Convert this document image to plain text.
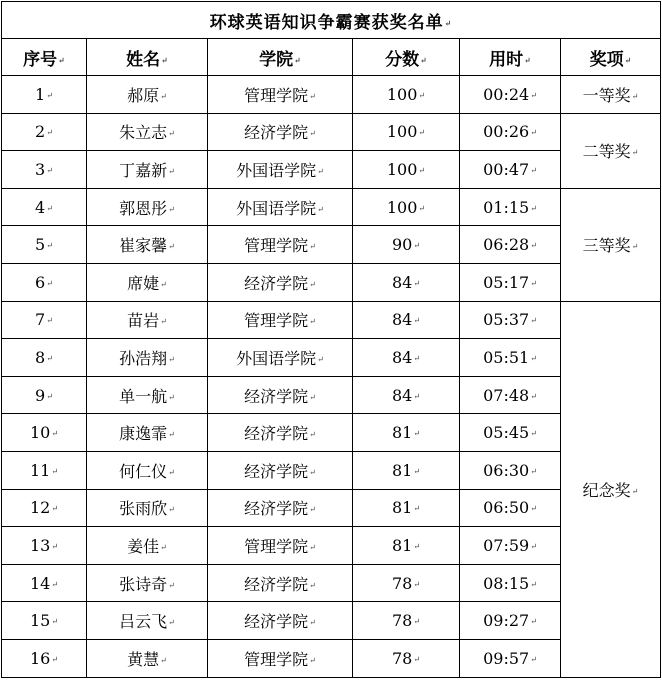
环球英语知识争霸赛获奖名单↵					
序号↵	姓名↵	学院↵	分数↵	用时↵	奖项↵
1↵	郝原↵	管理学院↵	100↵	00:24↵	一等奖↵
2↵	朱立志↵	经济学院↵	100↵	00:26↵	二等奖↵
3↵	丁嘉新↵	外国语学院↵	100↵	00:47↵	
4↵	郭恩彤↵	外国语学院↵	100↵	01:15↵	三等奖↵
5↵	崔家馨↵	管理学院↵	90↵	06:28↵	
6↵	席婕↵	经济学院↵	84↵	05:17↵	
7↵	苗岩↵	管理学院↵	84↵	05:37↵	纪念奖↵
8↵	孙浩翔↵	外国语学院↵	84↵	05:51↵	
9↵	单一航↵	经济学院↵	84↵	07:48↵	
10↵	康逸霏↵	经济学院↵	81↵	05:45↵	
11↵	何仁仪↵	经济学院↵	81↵	06:30↵	
12↵	张雨欣↵	经济学院↵	81↵	06:50↵	
13↵	姜佳↵	管理学院↵	81↵	07:59↵	
14↵	张诗奇↵	经济学院↵	78↵	08:15↵	
15↵	吕云飞↵	经济学院↵	78↵	09:27↵	
16↵	黄慧↵	管理学院↵	78↵	09:57↵	
